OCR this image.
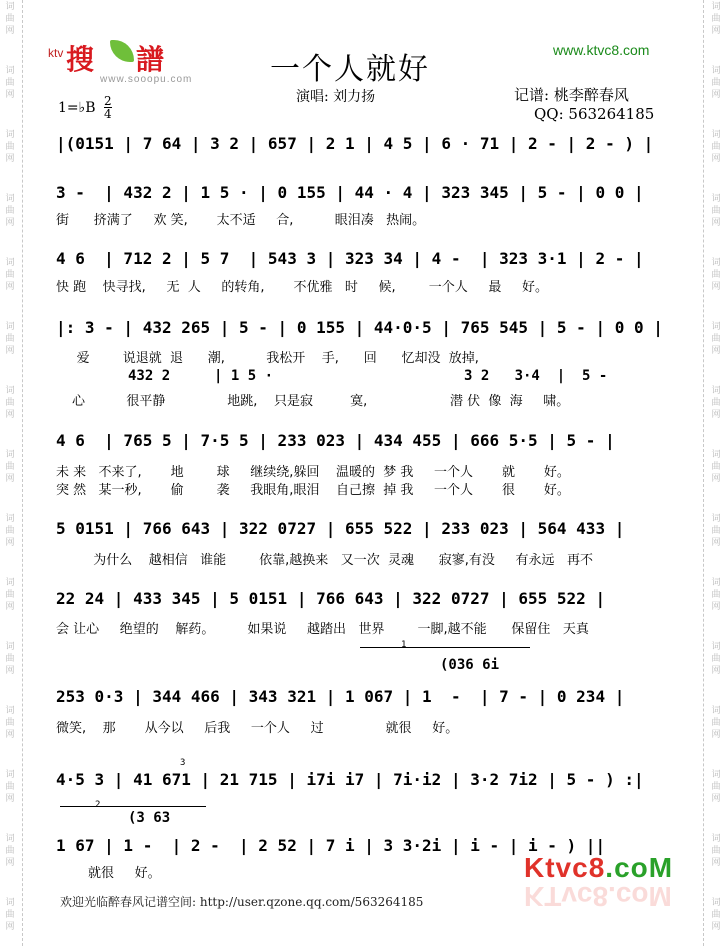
词
曲
网
词
曲
网
词
曲
网
词
曲
网
词
曲
网
词
曲
网
词
曲
网
词
曲
网
词
曲
网
词
曲
网
词
曲
网
词
曲
网
词
曲
网
词
曲
网
词
曲
网
词
曲
网
词
曲
网
词
曲
网
词
曲
网
词
曲
网
词
曲
网
词
曲
网
词
曲
网
词
曲
网
词
曲
网
词
曲
网
词
曲
网
词
曲
网
词
曲
网
词
曲
网
ktv 搜 譜
www.sooopu.com
www.ktvc8.com
一个人就好
演唱: 刘力扬	记谱: 桃李醉春风
QQ: 563264185
1=♭B 2
4
|(0151 | 7 64 | 3 2 | 657 | 2 1 | 4 5 | 6 · 71 | 2 - | 2 - ) |
3 -  | 432 2 | 1 5 · | 0 155 | 44 · 4 | 323 345 | 5 - | 0 0 |
街      挤满了     欢 笑,       太不适     合,          眼泪凑   热闹。
4 6  | 712 2 | 5 7  | 543 3 | 323 34 | 4 -  | 323 3·1 | 2 - |
快 跑    快寻找,     无  人     的转角,       不优雅   时     候,        一个人     最     好。
|: 3 - | 432 265 | 5 - | 0 155 | 44·0·5 | 765 545 | 5 - | 0 0 |
爱        说退就  退      潮,          我松开    手,      回      忆却没  放掉,
432 2	| 1 5 ·	3 2   3·4  |  5 -
心          很平静               地跳,    只是寂         寞,                    潜 伏  像  海     啸。
4 6  | 765 5 | 7·5 5 | 233 023 | 434 455 | 666 5·5 | 5 - |
未 来   不来了,       地        球     继续绕,躲回    温暖的  梦 我     一个人       就       好。
突 然   某一秒,       偷        袭     我眼角,眼泪    自己擦  掉 我     一个人       很       好。
5 0151 | 766 643 | 322 0727 | 655 522 | 233 023 | 564 433 |
为什么    越相信   谁能        依靠,越换来   又一次  灵魂      寂寥,有没     有永远   再不
22 24 | 433 345 | 5 0151 | 766 643 | 322 0727 | 655 522 |
会 让心     绝望的    解药。        如果说     越踏出   世界        一脚,越不能      保留住   天真
1
(036 6i
253 0·3 | 344 466 | 343 321 | 1 067 | 1  -  | 7 - | 0 234 |
微笑,    那       从今以     后我     一个人     过               就很     好。
3
4·5 3 | 41 671 | 21 715 | i7i i7 | 7i·i2 | 3·2 7i2 | 5 - ) :|
2
(3 63
1 67 | 1 -  | 2 -  | 2 52 | 7 i | 3 3·2i | i - | i - ) ||
就很     好。
欢迎光临醉春风记谱空间: http://user.qzone.qq.com/563264185
Ktvc8.coM
KTvc8.coM
